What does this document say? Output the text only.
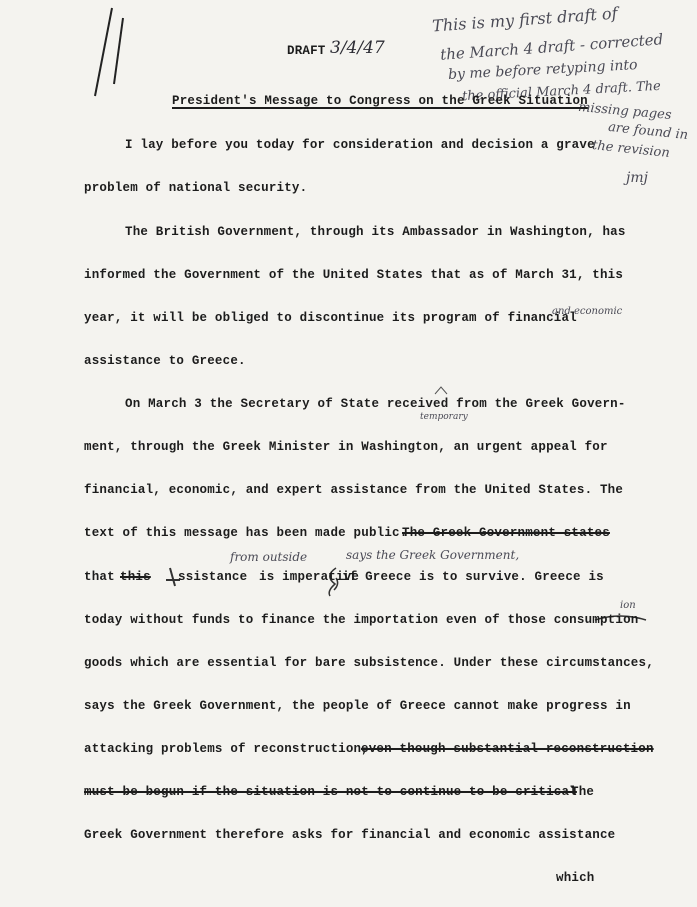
DRAFT 3/4/47
This is my first draft of
the March 4 draft - corrected
by me before retyping into
the official March 4 draft. The
missing pages
are found in
the revision
jmj
President's Message to Congress on the Greek Situation
I lay before you today for consideration and decision a grave
problem of national security.
The British Government, through its Ambassador in Washington, has
informed the Government of the United States that as of March 31, this
year, it will be obliged to discontinue its program of financial
and economic
assistance to Greece.
On March 3 the Secretary of State received from the Greek Govern-
temporary
ment, through the Greek Minister in Washington, an urgent appeal for
financial, economic, and expert assistance from the United States. The
text of this message has been made public.
The Greek Government states
from outside	says the Greek Government,
that this ssistance is imperative
if Greece is to survive. Greece is
ion
today without funds to finance the importation even of those consumption
goods which are essential for bare subsistence. Under these circumstances,
says the Greek Government, the people of Greece cannot make progress in
attacking problems of reconstruction,
even though substantial reconstruction
must be begun if the situation is not to continue to be critical
The
Greek Government therefore asks for financial and economic assistance
which
